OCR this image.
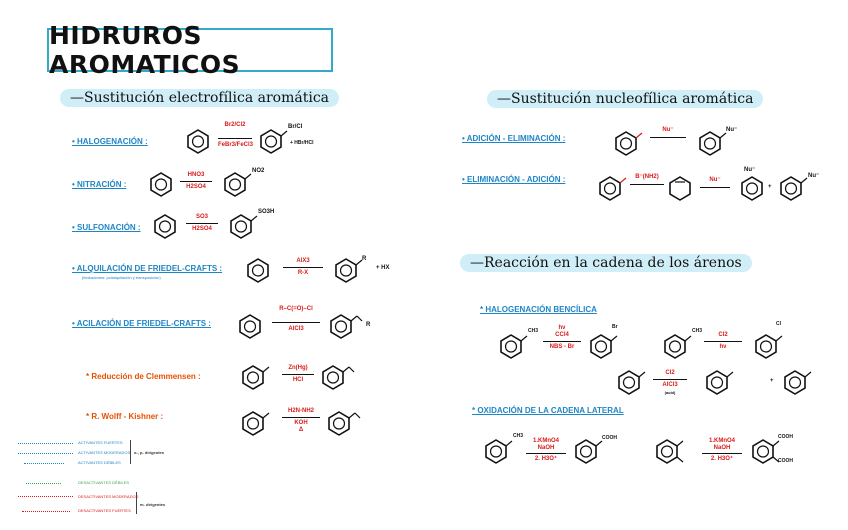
HIDRUROS AROMATICOS
—Sustitución electrofílica aromática	—Sustitución nucleofílica aromática
—Reacción en la cadena de los árenos
• HALOGENACIÓN :
Br2/Cl2
FeBr3/FeCl3
Br/Cl
+ HBr/HCl
• NITRACIÓN :
HNO3
H2SO4
NO2
• SULFONACIÓN :
SO3
H2SO4
SO3H
• ALQUILACIÓN DE FRIEDEL-CRAFTS :
(limitaciones: polialquilación y transposición)
AlX3
R-X
R
+ HX
• ACILACIÓN DE FRIEDEL-CRAFTS :
R–C(=O)–Cl
AlCl3
R
* Reducción de Clemmensen :
Zn(Hg)
HCl
* R. Wolff - Kishner :
H2N-NH2
KOH
Δ
ACTIVANTES FUERTES
ACTIVANTES MODERADOS
ACTIVANTES DÉBILES
DESACTIVANTES DÉBILES
DESACTIVANTES MODERADOS
DESACTIVANTES FUERTES
o-, p- dirigentes
m- dirigentes
• ADICIÓN - ELIMINACIÓN :
Nu⁻	Nu⁻
• ELIMINACIÓN - ADICIÓN :	B⁻(NH2)	Nu⁻
Nu⁻
+
Nu⁻
* HALOGENACIÓN BENCÍLICA
CH3	hν
CCl4
NBS - Br
Br
CH3
Cl2
hν
Cl
Cl2
AlCl3
(acid)
+
* OXIDACIÓN DE LA CADENA LATERAL
CH3
1.KMnO4
NaOH
2. H3O⁺
COOH	1.KMnO4
NaOH
2. H3O⁺
COOH
COOH
